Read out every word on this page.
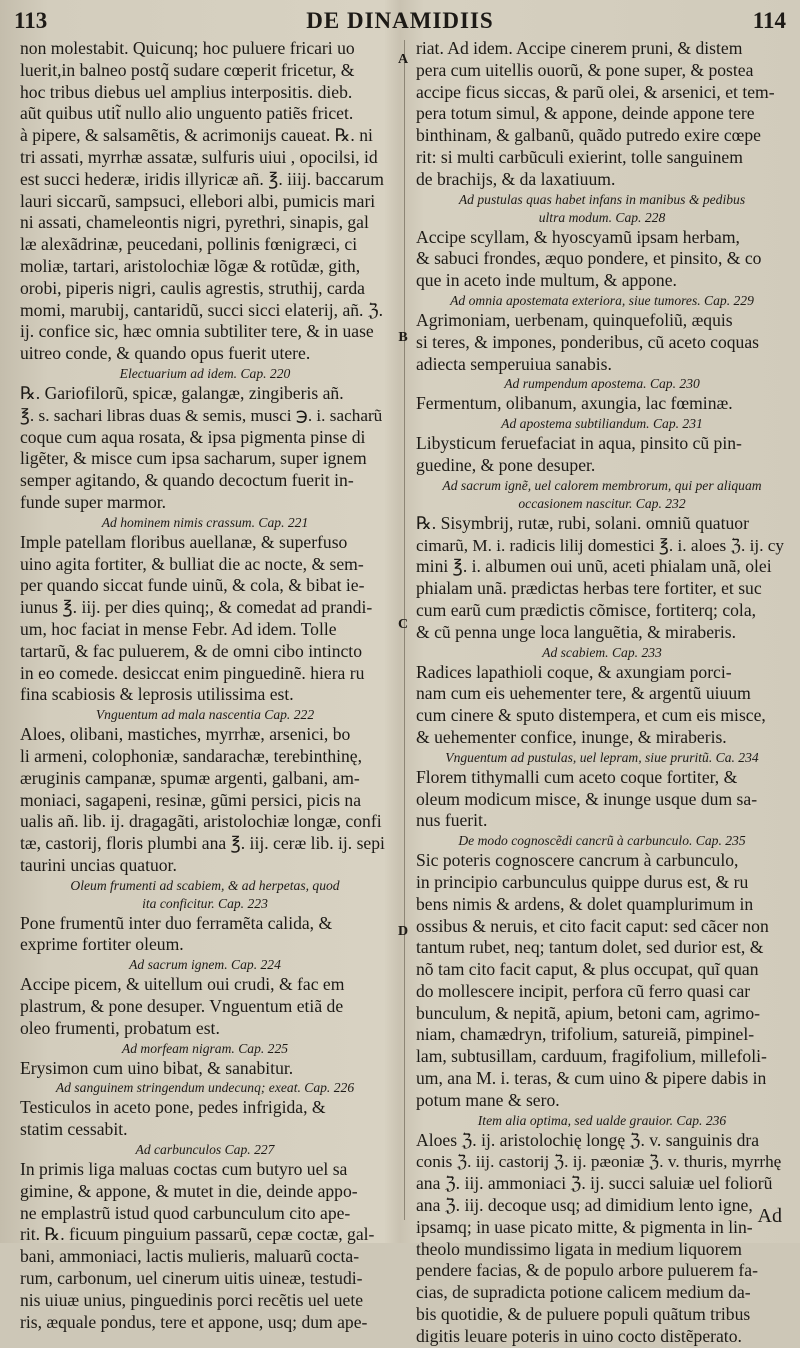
113	DE DINAMIDIIS	114
non molestabit. Quicunq; hoc puluere fricari uo
luerit,in balneo postq̃ sudare cœperit fricetur, &
hoc tribus diebus uel amplius interpositis. dieb.
aũt quibus utit̃ nullo alio unguento patiẽs fricet.
à pipere, & salsamẽtis, & acrimonijs caueat. ℞. ni
tri assati, myrrhæ assatæ, sulfuris uiui , opocilsi, id
est succi hederæ, iridis illyricæ añ. ℥. iiij. baccarum
lauri siccarũ, sampsuci, ellebori albi, pumicis mari
ni assati, chameleontis nigri, pyrethri, sinapis, gal
læ alexãdrinæ, peucedani, pollinis fœnigræci, ci
moliæ, tartari, aristolochiæ lõgæ & rotũdæ, gith,
orobi, piperis nigri, caulis agrestis, struthij, carda
momi, marubij, cantaridũ, succi sicci elaterij, añ. ℨ.
ij. confice sic, hæc omnia subtiliter tere, & in uase
uitreo conde, & quando opus fuerit utere.
Electuarium ad idem. Cap. 220
℞. Gariofilorũ, spicæ, galangæ, zingiberis añ.
℥. s. sachari libras duas & semis, musci ℈. i. sacharũ
coque cum aqua rosata, & ipsa pigmenta pinse di
ligẽter, & misce cum ipsa sacharum, super ignem
semper agitando, & quando decoctum fuerit in-
funde super marmor.
Ad hominem nimis crassum. Cap. 221
Imple patellam floribus auellanæ, & superfuso
uino agita fortiter, & bulliat die ac nocte, & sem-
per quando siccat funde uinũ, & cola, & bibat ie-
iunus ℥. iij. per dies quinq;, & comedat ad prandi-
um, hoc faciat in mense Febr. Ad idem. Tolle
tartarũ, & fac puluerem, & de omni cibo intincto
in eo comede. desiccat enim pinguedinẽ. hiera ru
fina scabiosis & leprosis utilissima est.
Vnguentum ad mala nascentia Cap. 222
Aloes, olibani, mastiches, myrrhæ, arsenici, bo
li armeni, colophoniæ, sandarachæ, terebinthinę,
æruginis campanæ, spumæ argenti, galbani, am-
moniaci, sagapeni, resinæ, gũmi persici, picis na
ualis añ. lib. ij. dragagãti, aristolochiæ longæ, confi
tæ, castorij, floris plumbi ana ℥. iij. ceræ lib. ij. sepi
taurini uncias quatuor.
Oleum frumenti ad scabiem, & ad herpetas, quod
ita conficitur. Cap. 223
Pone frumentũ inter duo ferramẽta calida, &
exprime fortiter oleum.
Ad sacrum ignem. Cap. 224
Accipe picem, & uitellum oui crudi, & fac em
plastrum, & pone desuper. Vnguentum etiã de
oleo frumenti, probatum est.
Ad morfeam nigram. Cap. 225
Erysimon cum uino bibat, & sanabitur.
Ad sanguinem stringendum undecunq; exeat. Cap. 226
Testiculos in aceto pone, pedes infrigida, &
statim cessabit.
Ad carbunculos Cap. 227
In primis liga maluas coctas cum butyro uel sa
gimine, & appone, & mutet in die, deinde appo-
ne emplastrũ istud quod carbunculum cito ape-
rit. ℞. ficuum pinguium passarũ, cepæ coctæ, gal-
bani, ammoniaci, lactis mulieris, maluarũ cocta-
rum, carbonum, uel cinerum uitis uineæ, testudi-
nis uiuæ unius, pinguedinis porci recẽtis uel uete
ris, æquale pondus, tere et appone, usq; dum ape-
riat. Ad idem. Accipe cinerem pruni, & distem
pera cum uitellis ouorũ, & pone super, & postea
accipe ficus siccas, & parũ olei, & arsenici, et tem-
pera totum simul, & appone, deinde appone tere
binthinam, & galbanũ, quãdo putredo exire cœpe
rit: si multi carbũculi exierint, tolle sanguinem
de brachijs, & da laxatiuum.
Ad pustulas quas habet infans in manibus & pedibus
ultra modum. Cap. 228
Accipe scyllam, & hyoscyamũ ipsam herbam,
& sabuci frondes, æquo pondere, et pinsito, & co
que in aceto inde multum, & appone.
Ad omnia apostemata exteriora, siue tumores. Cap. 229
Agrimoniam, uerbenam, quinquefoliũ, æquis
si teres, & impones, ponderibus, cũ aceto coquas
adiecta semperuiua sanabis.
Ad rumpendum apostema. Cap. 230
Fermentum, olibanum, axungia, lac fœminæ.
Ad apostema subtiliandum. Cap. 231
Libysticum feruefaciat in aqua, pinsito cũ pin-
guedine, & pone desuper.
Ad sacrum ignẽ, uel calorem membrorum, qui per aliquam
occasionem nascitur. Cap. 232
℞. Sisymbrij, rutæ, rubi, solani. omniũ quatuor
cimarũ, M. i. radicis lilij domestici ℥. i. aloes ℨ. ij. cy
mini ℥. i. albumen oui unũ, aceti phialam unã, olei
phialam unã. prædictas herbas tere fortiter, et suc
cum earũ cum prædictis cõmisce, fortiterq; cola,
& cũ penna unge loca languẽtia, & miraberis.
Ad scabiem. Cap. 233
Radices lapathioli coque, & axungiam porci-
nam cum eis uehementer tere, & argentũ uiuum
cum cinere & sputo distempera, et cum eis misce,
& uehementer confice, inunge, & miraberis.
Vnguentum ad pustulas, uel lepram, siue pruritũ. Ca. 234
Florem tithymalli cum aceto coque fortiter, &
oleum modicum misce, & inunge usque dum sa-
nus fuerit.
De modo cognoscẽdi cancrũ à carbunculo. Cap. 235
Sic poteris cognoscere cancrum à carbunculo,
in principio carbunculus quippe durus est, & ru
bens nimis & ardens, & dolet quamplurimum in
ossibus & neruis, et cito facit caput: sed cãcer non
tantum rubet, neq; tantum dolet, sed durior est, &
nõ tam cito facit caput, & plus occupat, quĩ quan
do mollescere incipit, perfora cũ ferro quasi car
bunculum, & nepitã, apium, betoni cam, agrimo-
niam, chamædryn, trifolium, satureiã, pimpinel-
lam, subtusillam, carduum, fragifolium, millefoli-
um, ana M. i. teras, & cum uino & pipere dabis in
potum mane & sero.
Item alia optima, sed ualde grauior. Cap. 236
Aloes ℨ. ij. aristolochię longę ℨ. v. sanguinis dra
conis ℨ. iij. castorij ℨ. ij. pæoniæ ℨ. v. thuris, myrrhę
ana ℨ. iij. ammoniaci ℨ. ij. succi saluiæ uel foliorũ
ana ℨ. iij. decoque usq; ad dimidium lento igne,
ipsamq; in uase picato mitte, & pigmenta in lin-
theolo mundissimo ligata in medium liquorem
pendere facias, & de populo arbore puluerem fa-
cias, de supradicta potione calicem medium da-
bis quotidie, & de puluere populi quãtum tribus
digitis leuare poteris in uino cocto distẽperato.
A
B
C
D
Ad
